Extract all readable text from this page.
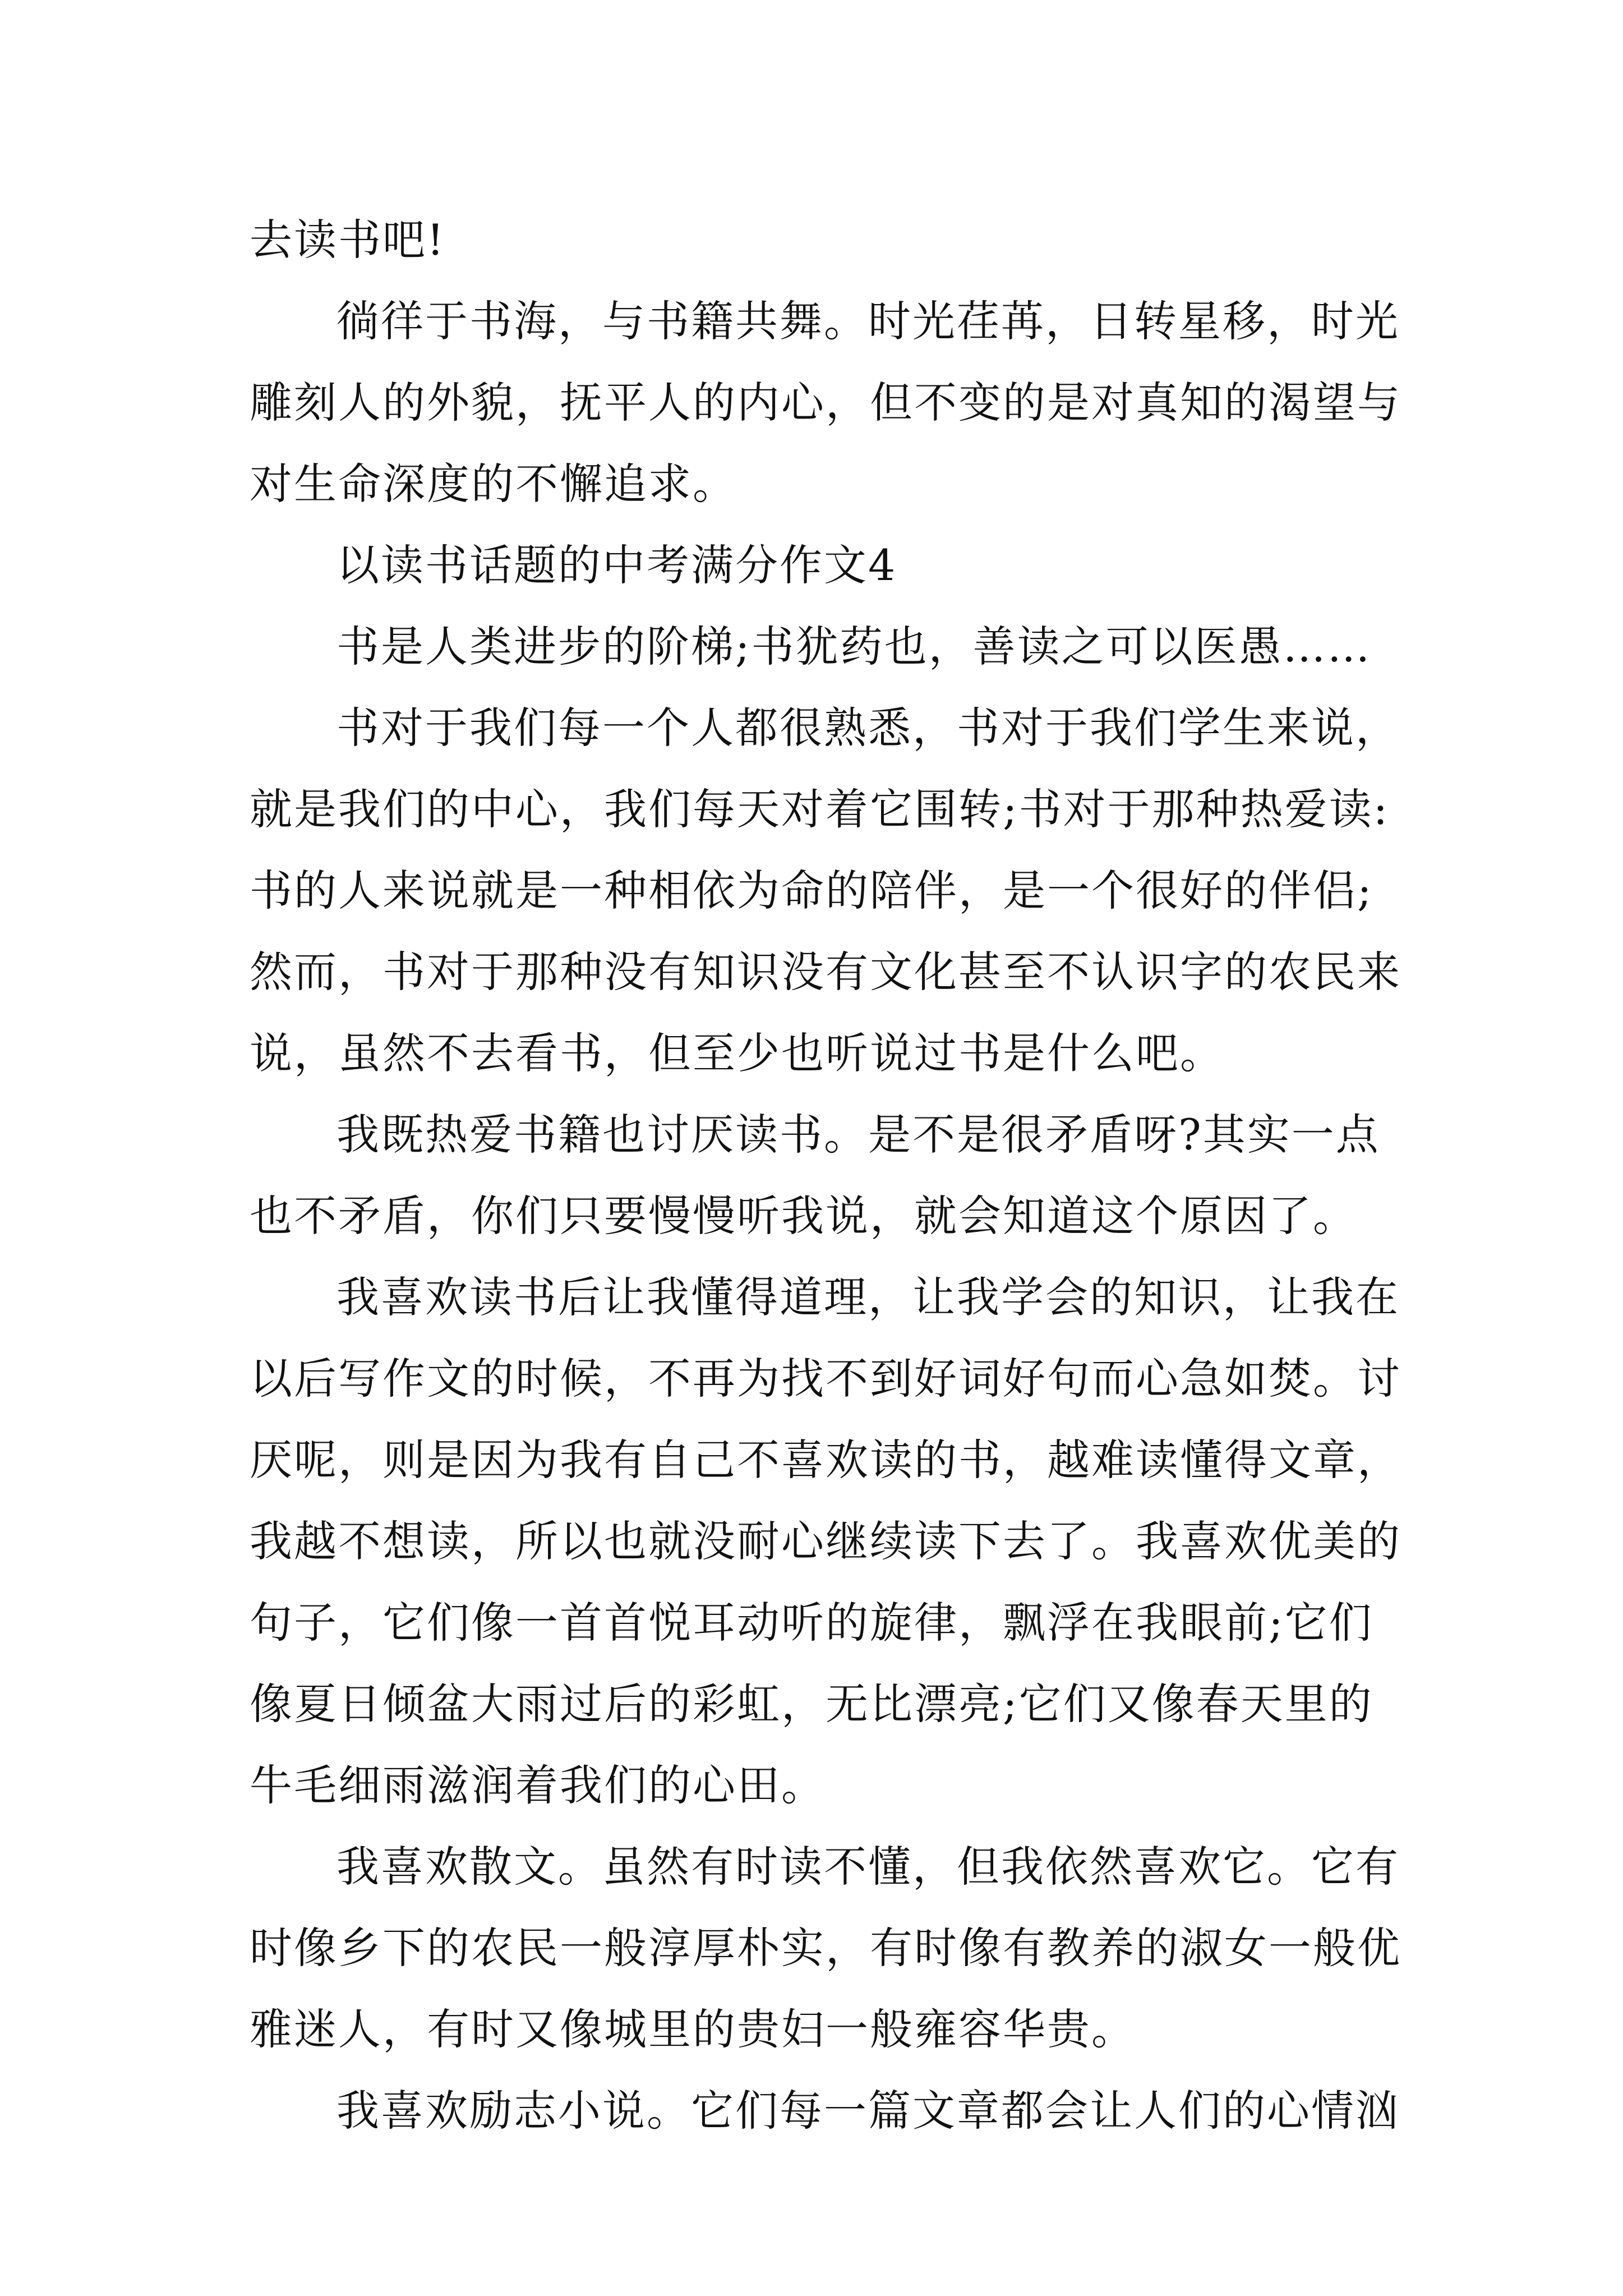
去读书吧!
徜徉于书海，与书籍共舞。时光荏苒，日转星移，时光
雕刻人的外貌，抚平人的内心，但不变的是对真知的渴望与
对生命深度的不懈追求。
以读书话题的中考满分作文4
书是人类进步的阶梯;书犹药也，善读之可以医愚……
书对于我们每一个人都很熟悉，书对于我们学生来说，
就是我们的中心，我们每天对着它围转;书对于那种热爱读:
书的人来说就是一种相依为命的陪伴，是一个很好的伴侣;
然而，书对于那种没有知识没有文化甚至不认识字的农民来
说，虽然不去看书，但至少也听说过书是什么吧。
我既热爱书籍也讨厌读书。是不是很矛盾呀?其实一点
也不矛盾，你们只要慢慢听我说，就会知道这个原因了。
我喜欢读书后让我懂得道理，让我学会的知识，让我在
以后写作文的时候，不再为找不到好词好句而心急如焚。讨
厌呢，则是因为我有自己不喜欢读的书，越难读懂得文章，
我越不想读，所以也就没耐心继续读下去了。我喜欢优美的
句子，它们像一首首悦耳动听的旋律，飘浮在我眼前;它们
像夏日倾盆大雨过后的彩虹，无比漂亮;它们又像春天里的
牛毛细雨滋润着我们的心田。
我喜欢散文。虽然有时读不懂，但我依然喜欢它。它有
时像乡下的农民一般淳厚朴实，有时像有教养的淑女一般优
雅迷人，有时又像城里的贵妇一般雍容华贵。
我喜欢励志小说。它们每一篇文章都会让人们的心情汹
